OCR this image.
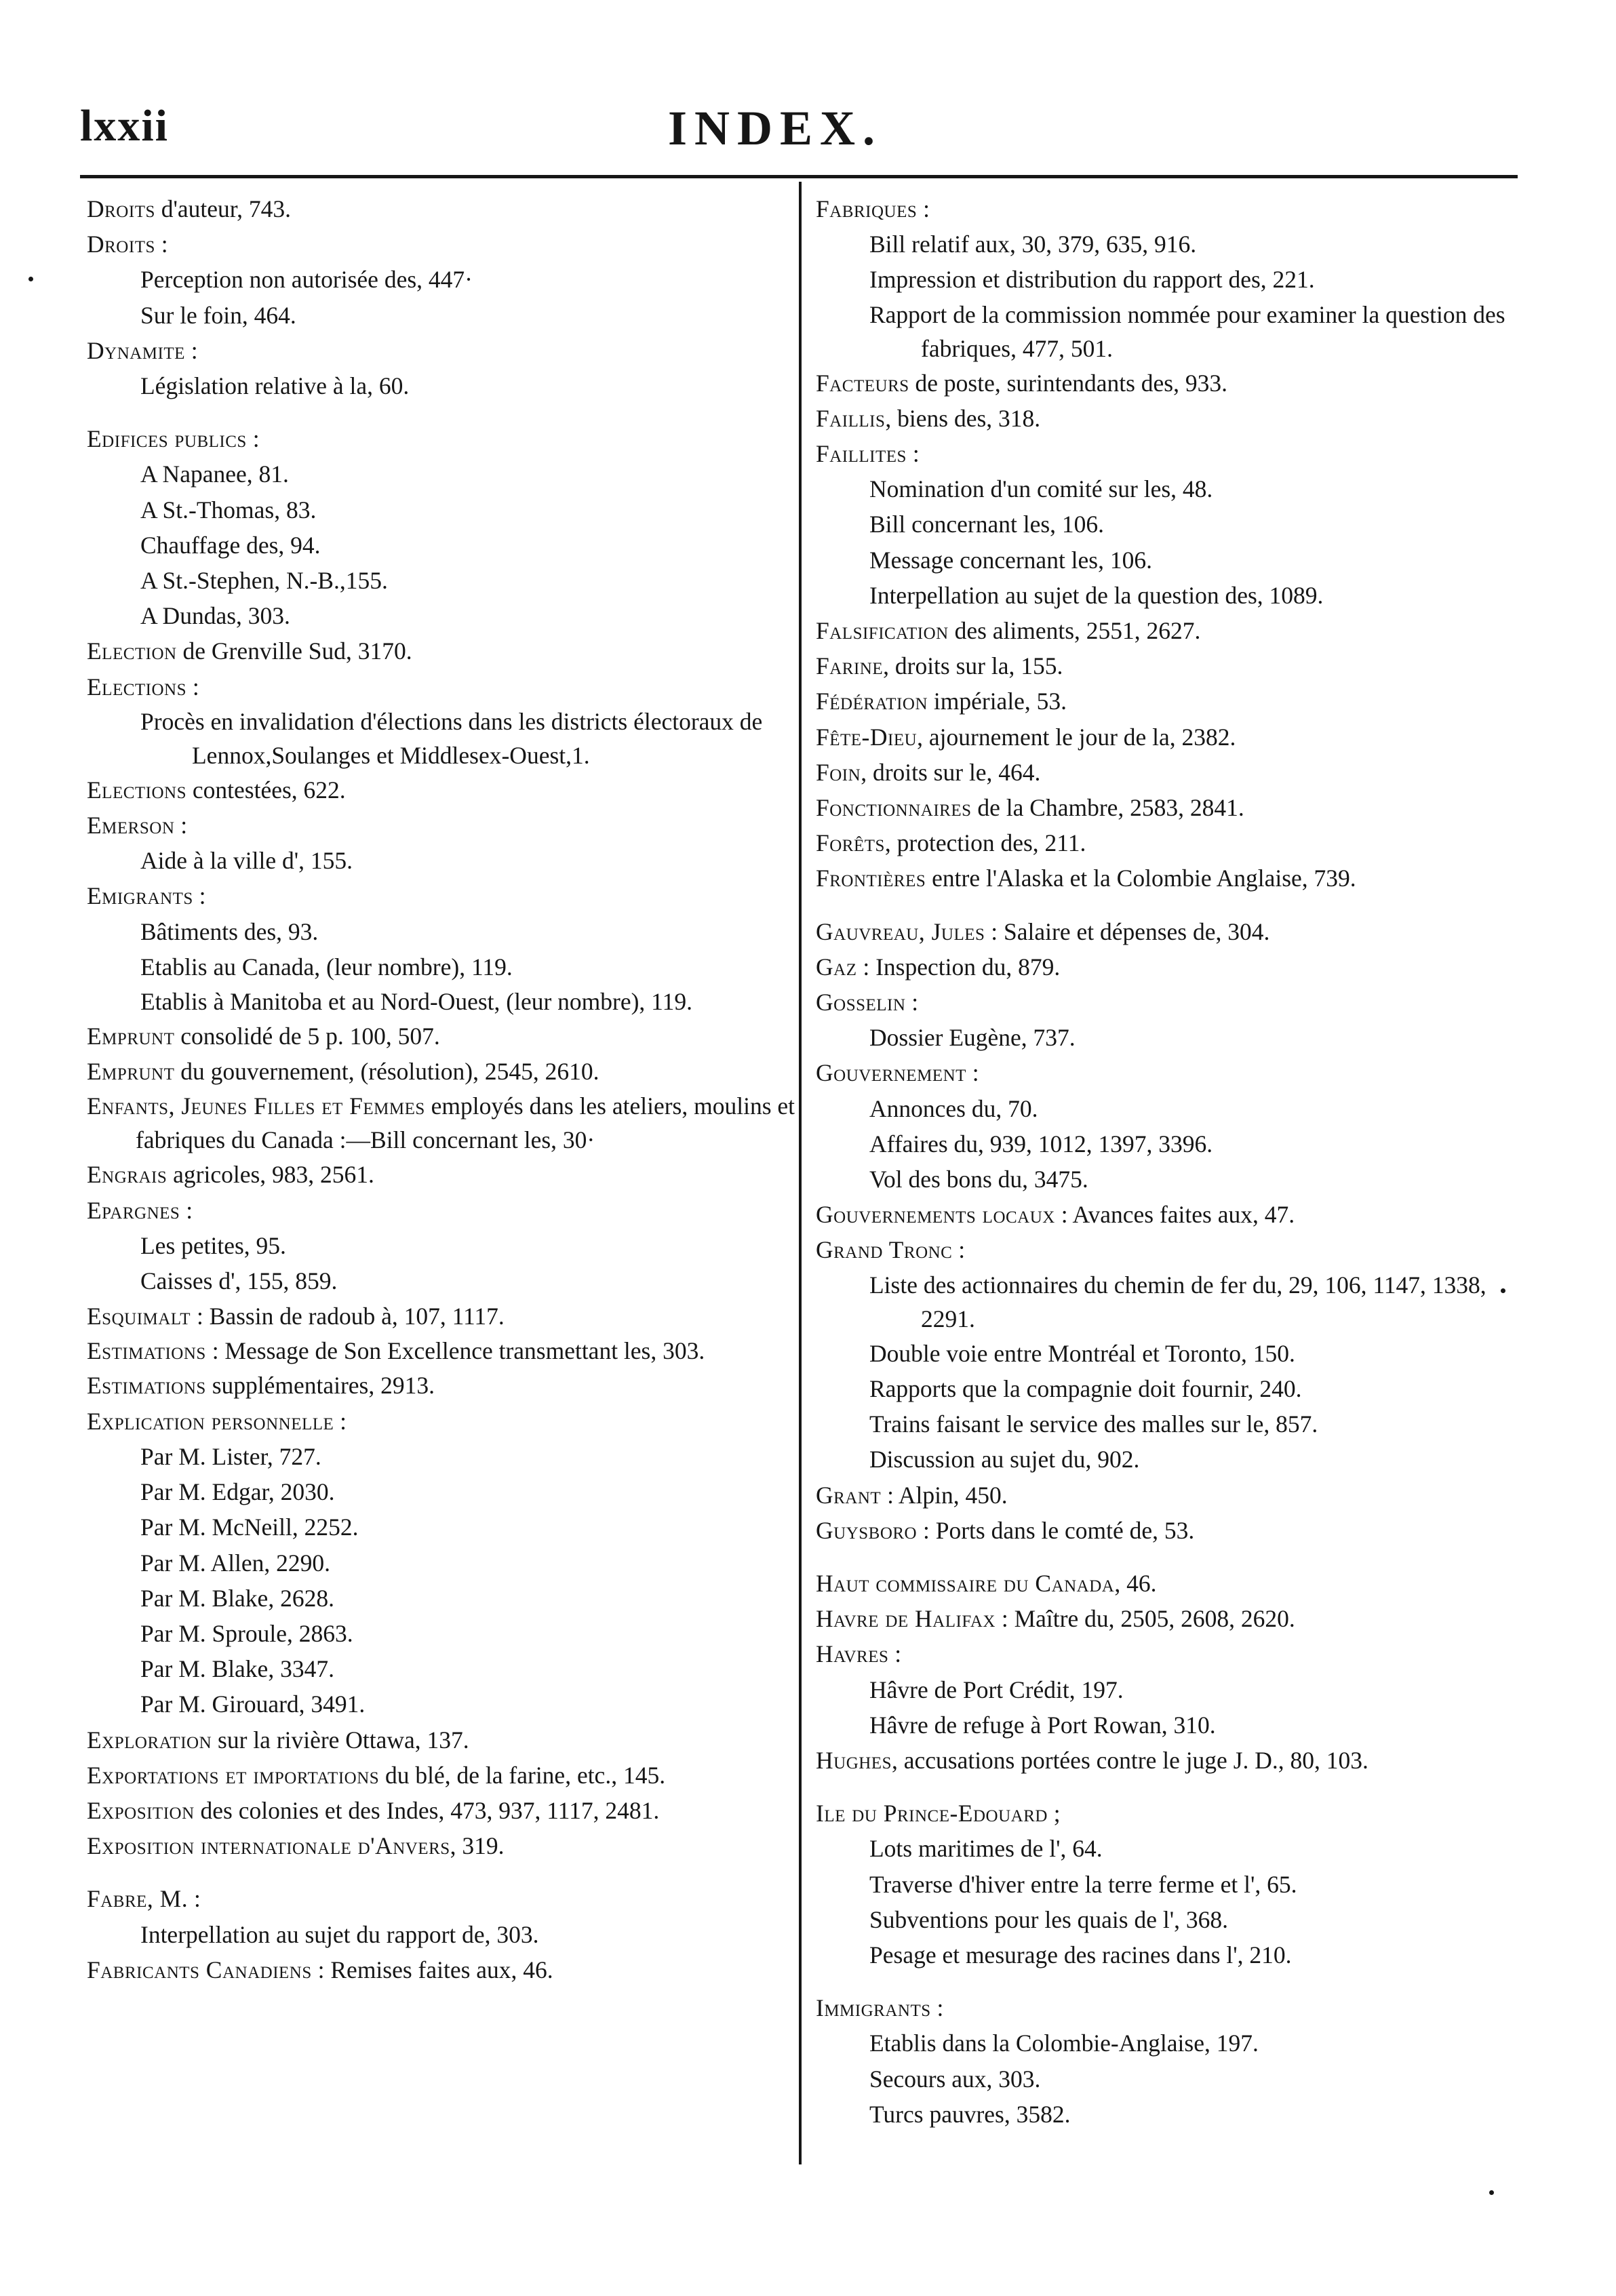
lxxii	INDEX.
Droits d'auteur, 743.
Droits :
Perception non autorisée des, 447·
Sur le foin, 464.
Dynamite :
Législation relative à la, 60.
Edifices publics :
A Napanee, 81.
A St.-Thomas, 83.
Chauffage des, 94.
A St.-Stephen, N.-B.,155.
A Dundas, 303.
Election de Grenville Sud, 3170.
Elections :
Procès en invalidation d'élections dans les districts électoraux de Lennox,Soulanges et Middlesex-Ouest,1.
Elections contestées, 622.
Emerson :
Aide à la ville d', 155.
Emigrants :
Bâtiments des, 93.
Etablis au Canada, (leur nombre), 119.
Etablis à Manitoba et au Nord-Ouest, (leur nombre), 119.
Emprunt consolidé de 5 p. 100, 507.
Emprunt du gouvernement, (résolution), 2545, 2610.
Enfants, Jeunes Filles et Femmes employés dans les ateliers, moulins et fabriques du Canada :—Bill concernant les, 30·
Engrais agricoles, 983, 2561.
Epargnes :
Les petites, 95.
Caisses d', 155, 859.
Esquimalt : Bassin de radoub à, 107, 1117.
Estimations : Message de Son Excellence transmettant les, 303.
Estimations supplémentaires, 2913.
Explication personnelle :
Par M. Lister, 727.
Par M. Edgar, 2030.
Par M. McNeill, 2252.
Par M. Allen, 2290.
Par M. Blake, 2628.
Par M. Sproule, 2863.
Par M. Blake, 3347.
Par M. Girouard, 3491.
Exploration sur la rivière Ottawa, 137.
Exportations et importations du blé, de la farine, etc., 145.
Exposition des colonies et des Indes, 473, 937, 1117, 2481.
Exposition internationale d'Anvers, 319.
Fabre, M. :
Interpellation au sujet du rapport de, 303.
Fabricants Canadiens : Remises faites aux, 46.
Fabriques :
Bill relatif aux, 30, 379, 635, 916.
Impression et distribution du rapport des, 221.
Rapport de la commission nommée pour examiner la question des fabriques, 477, 501.
Facteurs de poste, surintendants des, 933.
Faillis, biens des, 318.
Faillites :
Nomination d'un comité sur les, 48.
Bill concernant les, 106.
Message concernant les, 106.
Interpellation au sujet de la question des, 1089.
Falsification des aliments, 2551, 2627.
Farine, droits sur la, 155.
Fédération impériale, 53.
Fête-Dieu, ajournement le jour de la, 2382.
Foin, droits sur le, 464.
Fonctionnaires de la Chambre, 2583, 2841.
Forêts, protection des, 211.
Frontières entre l'Alaska et la Colombie Anglaise, 739.
Gauvreau, Jules : Salaire et dépenses de, 304.
Gaz : Inspection du, 879.
Gosselin :
Dossier Eugène, 737.
Gouvernement :
Annonces du, 70.
Affaires du, 939, 1012, 1397, 3396.
Vol des bons du, 3475.
Gouvernements locaux : Avances faites aux, 47.
Grand Tronc :
Liste des actionnaires du chemin de fer du, 29, 106, 1147, 1338, 2291.
Double voie entre Montréal et Toronto, 150.
Rapports que la compagnie doit fournir, 240.
Trains faisant le service des malles sur le, 857.
Discussion au sujet du, 902.
Grant : Alpin, 450.
Guysboro : Ports dans le comté de, 53.
Haut commissaire du Canada, 46.
Havre de Halifax : Maître du, 2505, 2608, 2620.
Havres :
Hâvre de Port Crédit, 197.
Hâvre de refuge à Port Rowan, 310.
Hughes, accusations portées contre le juge J. D., 80, 103.
Ile du Prince-Edouard ;
Lots maritimes de l', 64.
Traverse d'hiver entre la terre ferme et l', 65.
Subventions pour les quais de l', 368.
Pesage et mesurage des racines dans l', 210.
Immigrants :
Etablis dans la Colombie-Anglaise, 197.
Secours aux, 303.
Turcs pauvres, 3582.
